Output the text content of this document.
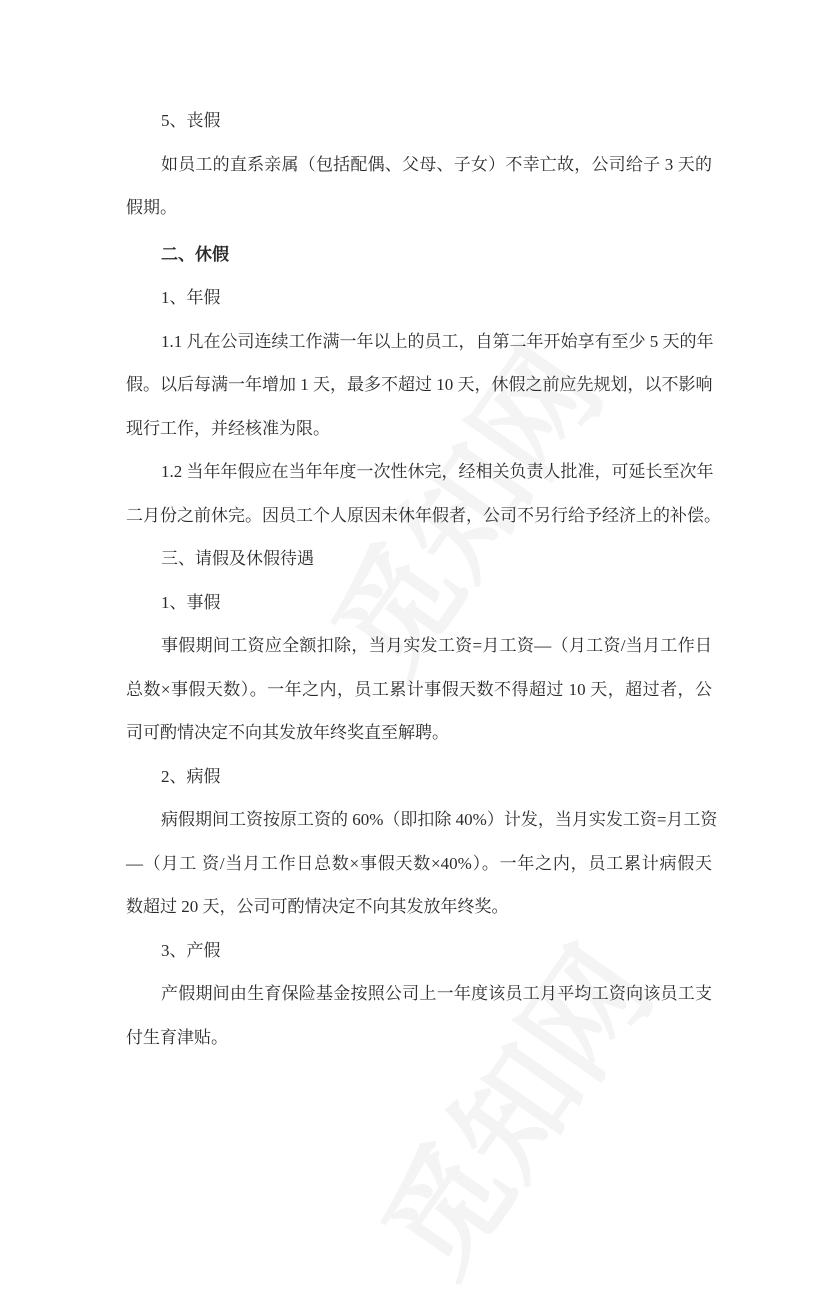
5、丧假

如员工的直系亲属（包括配偶、父母、子女）不幸亡故，公司给子 3 天的
假期。

二、休假

1、年假

1.1 凡在公司连续工作满一年以上的员工，自第二年开始享有至少 5 天的年
假。以后每满一年增加 1 天，最多不超过 10 天，休假之前应先规划，以不影响
现行工作，并经核准为限。

1.2 当年年假应在当年年度一次性休完，经相关负责人批准，可延长至次年
二月份之前休完。因员工个人原因未休年假者，公司不另行给予经济上的补偿。

三、请假及休假待遇

1、事假

事假期间工资应全额扣除，当月实发工资=月工资—（月工资/当月工作日
总数×事假天数）。一年之内，员工累计事假天数不得超过 10 天，超过者，公
司可酌情决定不向其发放年终奖直至解聘。

2、病假

病假期间工资按原工资的 60%（即扣除 40%）计发，当月实发工资=月工资
—（月工 资/当月工作日总数×事假天数×40%）。一年之内，员工累计病假天
数超过 20 天，公司可酌情决定不向其发放年终奖。

3、产假

产假期间由生育保险基金按照公司上一年度该员工月平均工资向该员工支
付生育津贴。
